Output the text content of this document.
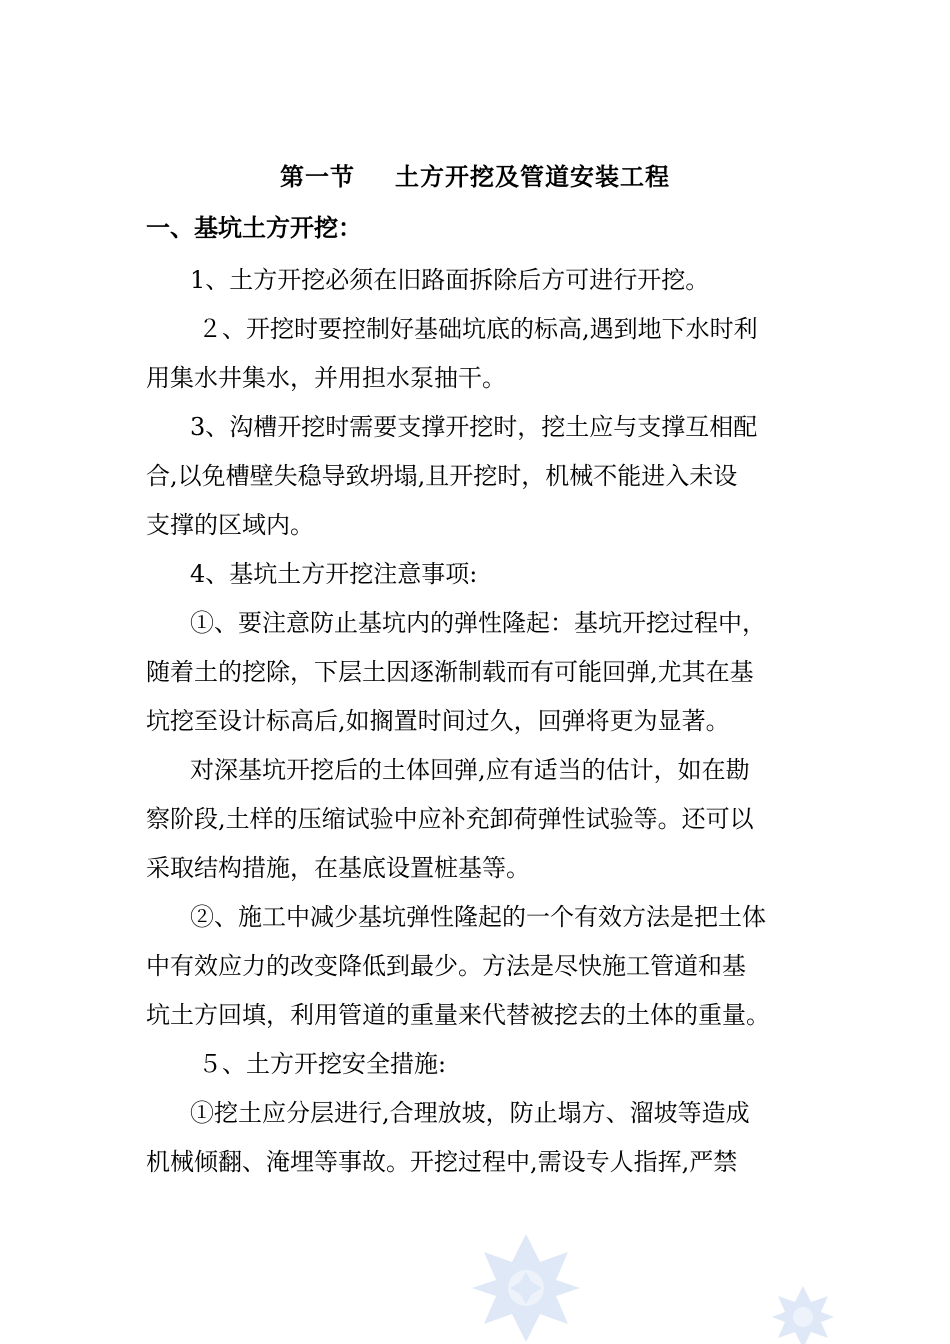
第一节 土方开挖及管道安装工程
一、基坑土方开挖：
1、土方开挖必须在旧路面拆除后方可进行开挖。
２、开挖时要控制好基础坑底的标高,遇到地下水时利
用集水井集水，并用担水泵抽干。
3、沟槽开挖时需要支撑开挖时，挖土应与支撑互相配
合,以免槽壁失稳导致坍塌,且开挖时，机械不能进入未设
支撑的区域内。
4、基坑土方开挖注意事项:
①、要注意防止基坑内的弹性隆起：基坑开挖过程中，
随着土的挖除，下层土因逐渐制载而有可能回弹,尤其在基
坑挖至设计标高后,如搁置时间过久，回弹将更为显著。
对深基坑开挖后的土体回弹,应有适当的估计，如在勘
察阶段,土样的压缩试验中应补充卸荷弹性试验等。还可以
采取结构措施，在基底设置桩基等。
②、施工中减少基坑弹性隆起的一个有效方法是把土体
中有效应力的改变降低到最少。方法是尽快施工管道和基
坑土方回填，利用管道的重量来代替被挖去的土体的重量。
５、土方开挖安全措施:
①挖土应分层进行,合理放坡，防止塌方、溜坡等造成
机械倾翻、淹埋等事故。开挖过程中,需设专人指挥,严禁
